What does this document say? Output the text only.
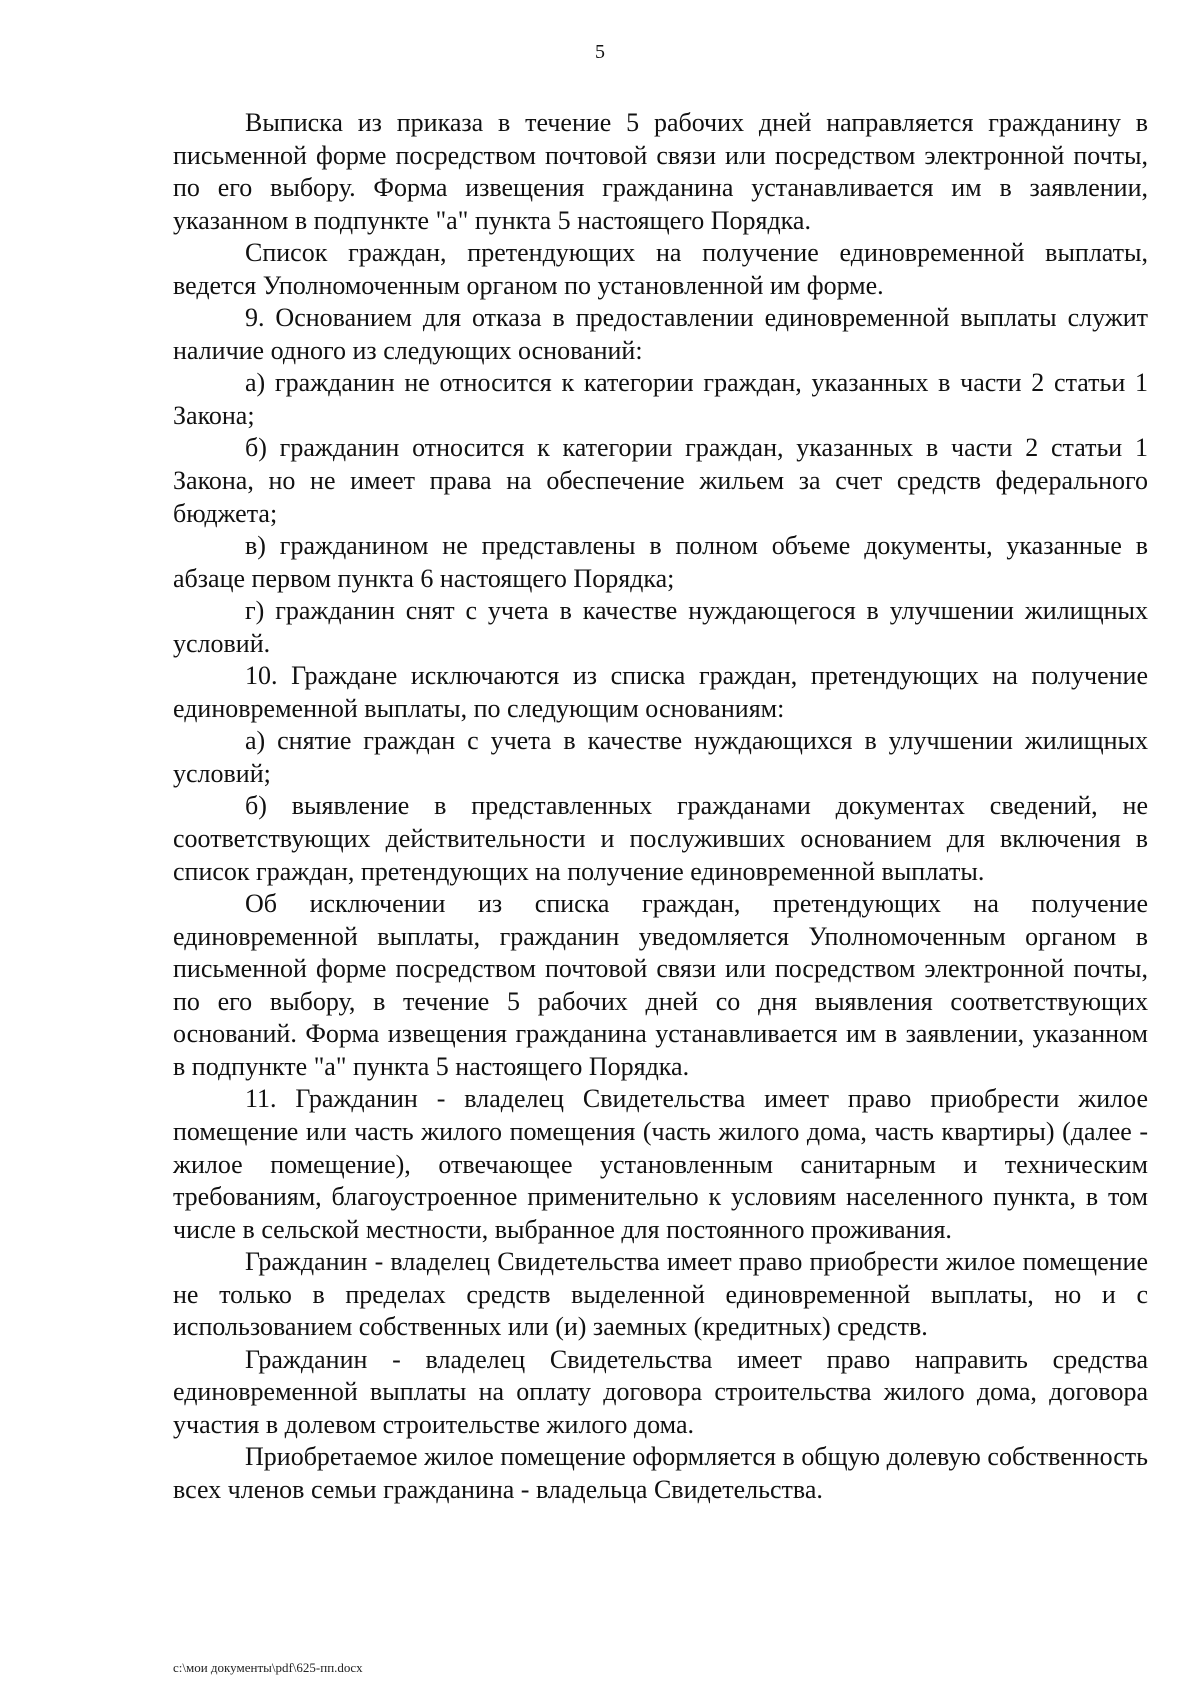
5

Выписка из приказа в течение 5 рабочих дней направляется гражданину в письменной форме посредством почтовой связи или посредством электронной почты, по его выбору. Форма извещения гражданина устанавливается им в заявлении, указанном в подпункте "а" пункта 5 настоящего Порядка.

Список граждан, претендующих на получение единовременной выплаты, ведется Уполномоченным органом по установленной им форме.

9. Основанием для отказа в предоставлении единовременной выплаты служит наличие одного из следующих оснований:

а) гражданин не относится к категории граждан, указанных в части 2 статьи 1 Закона;

б) гражданин относится к категории граждан, указанных в части 2 статьи 1 Закона, но не имеет права на обеспечение жильем за счет средств федерального бюджета;

в) гражданином не представлены в полном объеме документы, указанные в абзаце первом пункта 6 настоящего Порядка;

г) гражданин снят с учета в качестве нуждающегося в улучшении жилищных условий.

10. Граждане исключаются из списка граждан, претендующих на получение единовременной выплаты, по следующим основаниям:

а) снятие граждан с учета в качестве нуждающихся в улучшении жилищных условий;

б) выявление в представленных гражданами документах сведений, не соответствующих действительности и послуживших основанием для включения в список граждан, претендующих на получение единовременной выплаты.

Об исключении из списка граждан, претендующих на получение единовременной выплаты, гражданин уведомляется Уполномоченным органом в письменной форме посредством почтовой связи или посредством электронной почты, по его выбору, в течение 5 рабочих дней со дня выявления соответствующих оснований. Форма извещения гражданина устанавливается им в заявлении, указанном в подпункте "а" пункта 5 настоящего Порядка.

11. Гражданин - владелец Свидетельства имеет право приобрести жилое помещение или часть жилого помещения (часть жилого дома, часть квартиры) (далее - жилое помещение), отвечающее установленным санитарным и техническим требованиям, благоустроенное применительно к условиям населенного пункта, в том числе в сельской местности, выбранное для постоянного проживания.

Гражданин - владелец Свидетельства имеет право приобрести жилое помещение не только в пределах средств выделенной единовременной выплаты, но и с использованием собственных или (и) заемных (кредитных) средств.

Гражданин - владелец Свидетельства имеет право направить средства единовременной выплаты на оплату договора строительства жилого дома, договора участия в долевом строительстве жилого дома.

Приобретаемое жилое помещение оформляется в общую долевую собственность всех членов семьи гражданина - владельца Свидетельства.

c:\мои документы\pdf\625-пп.docx
